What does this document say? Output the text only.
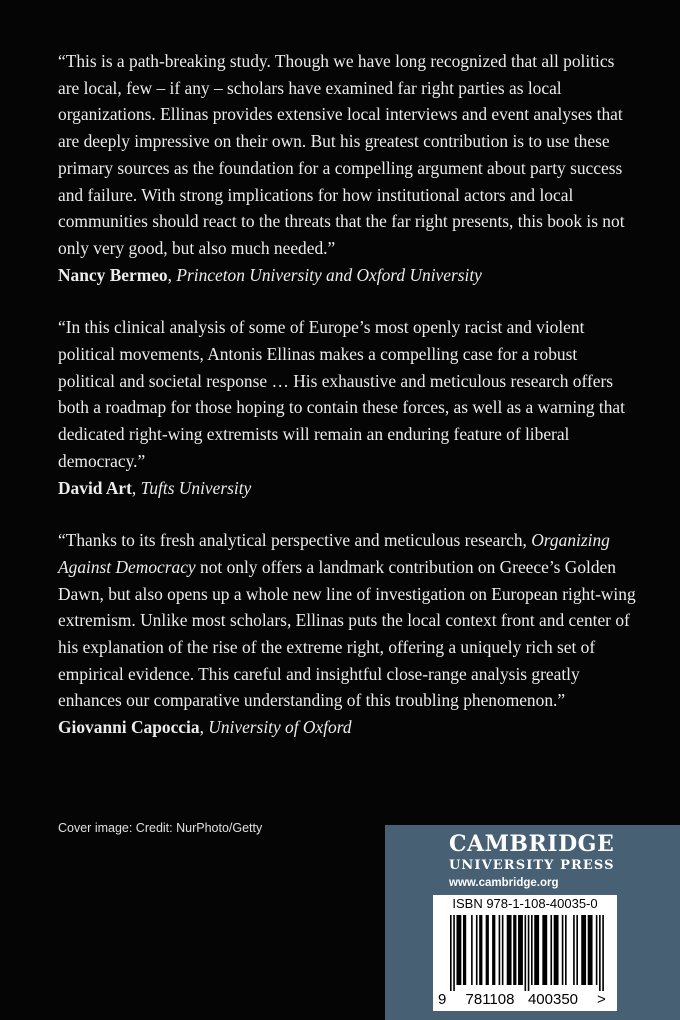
“This is a path-breaking study. Though we have long recognized that all politics are local, few – if any – scholars have examined far right parties as local organizations. Ellinas provides extensive local interviews and event analyses that are deeply impressive on their own. But his greatest contribution is to use these primary sources as the foundation for a compelling argument about party success and failure. With strong implications for how institutional actors and local communities should react to the threats that the far right presents, this book is not only very good, but also much needed.”

Nancy Bermeo, Princeton University and Oxford University

“In this clinical analysis of some of Europe’s most openly racist and violent political movements, Antonis Ellinas makes a compelling case for a robust political and societal response … His exhaustive and meticulous research offers both a roadmap for those hoping to contain these forces, as well as a warning that dedicated right-wing extremists will remain an enduring feature of liberal democracy.”

David Art, Tufts University

“Thanks to its fresh analytical perspective and meticulous research, Organizing Against Democracy not only offers a landmark contribution on Greece’s Golden Dawn, but also opens up a whole new line of investigation on European right-wing extremism. Unlike most scholars, Ellinas puts the local context front and center of his explanation of the rise of the extreme right, offering a uniquely rich set of empirical evidence. This careful and insightful close-range analysis greatly enhances our comparative understanding of this troubling phenomenon.”

Giovanni Capoccia, University of Oxford

Cover image: Credit: NurPhoto/Getty
CAMBRIDGE
UNIVERSITY PRESS
www.cambridge.org
9 781108 400350 >
ISBN 978-1-108-40035-0
